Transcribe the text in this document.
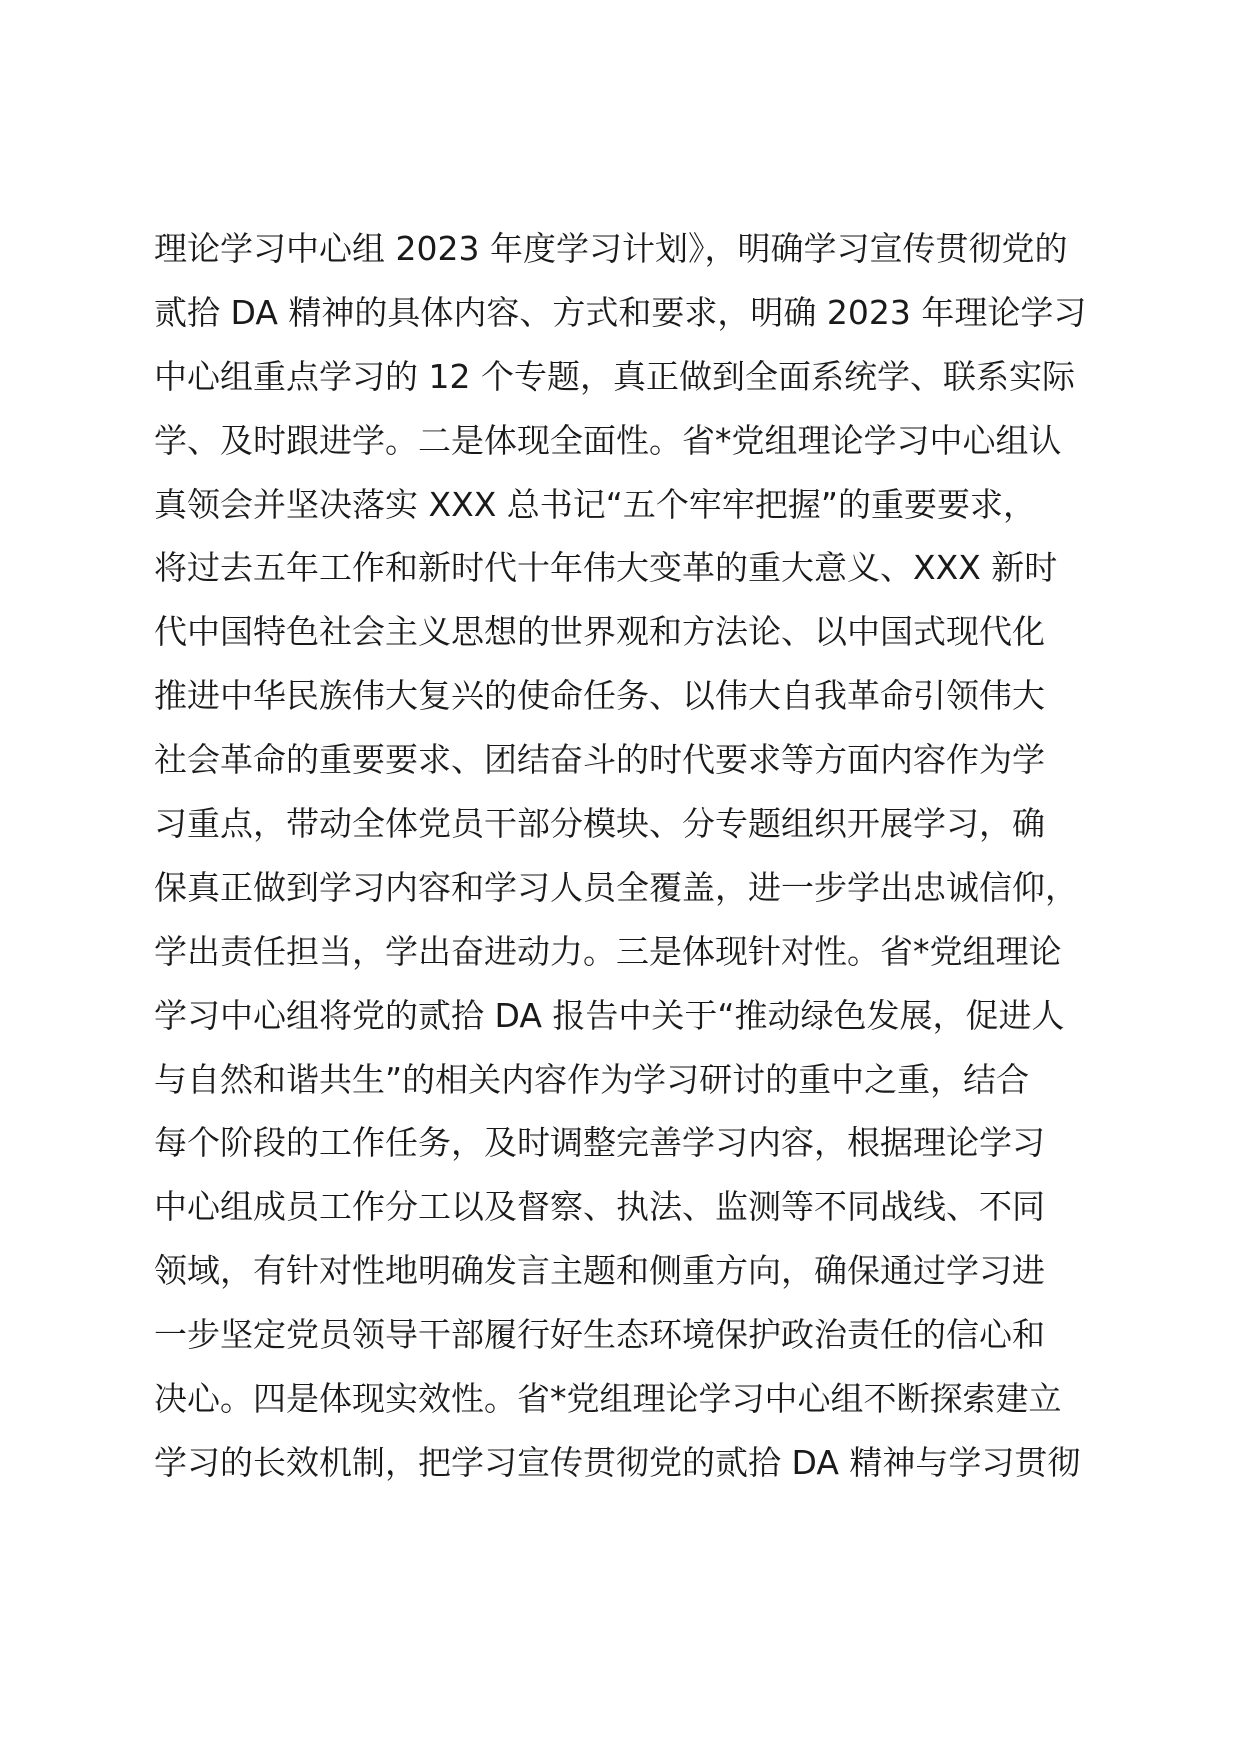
理论学习中心组 2023 年度学习计划》，明确学习宣传贯彻党的
贰拾 DA 精神的具体内容、方式和要求，明确 2023 年理论学习
中心组重点学习的 12 个专题，真正做到全面系统学、联系实际
学、及时跟进学。二是体现全面性。省*党组理论学习中心组认
真领会并坚决落实 XXX 总书记“五个牢牢把握”的重要要求，
将过去五年工作和新时代十年伟大变革的重大意义、XXX 新时
代中国特色社会主义思想的世界观和方法论、以中国式现代化
推进中华民族伟大复兴的使命任务、以伟大自我革命引领伟大
社会革命的重要要求、团结奋斗的时代要求等方面内容作为学
习重点，带动全体党员干部分模块、分专题组织开展学习，确
保真正做到学习内容和学习人员全覆盖，进一步学出忠诚信仰，
学出责任担当，学出奋进动力。三是体现针对性。省*党组理论
学习中心组将党的贰拾 DA 报告中关于“推动绿色发展，促进人
与自然和谐共生”的相关内容作为学习研讨的重中之重，结合
每个阶段的工作任务，及时调整完善学习内容，根据理论学习
中心组成员工作分工以及督察、执法、监测等不同战线、不同
领域，有针对性地明确发言主题和侧重方向，确保通过学习进
一步坚定党员领导干部履行好生态环境保护政治责任的信心和
决心。四是体现实效性。省*党组理论学习中心组不断探索建立
学习的长效机制，把学习宣传贯彻党的贰拾 DA 精神与学习贯彻
